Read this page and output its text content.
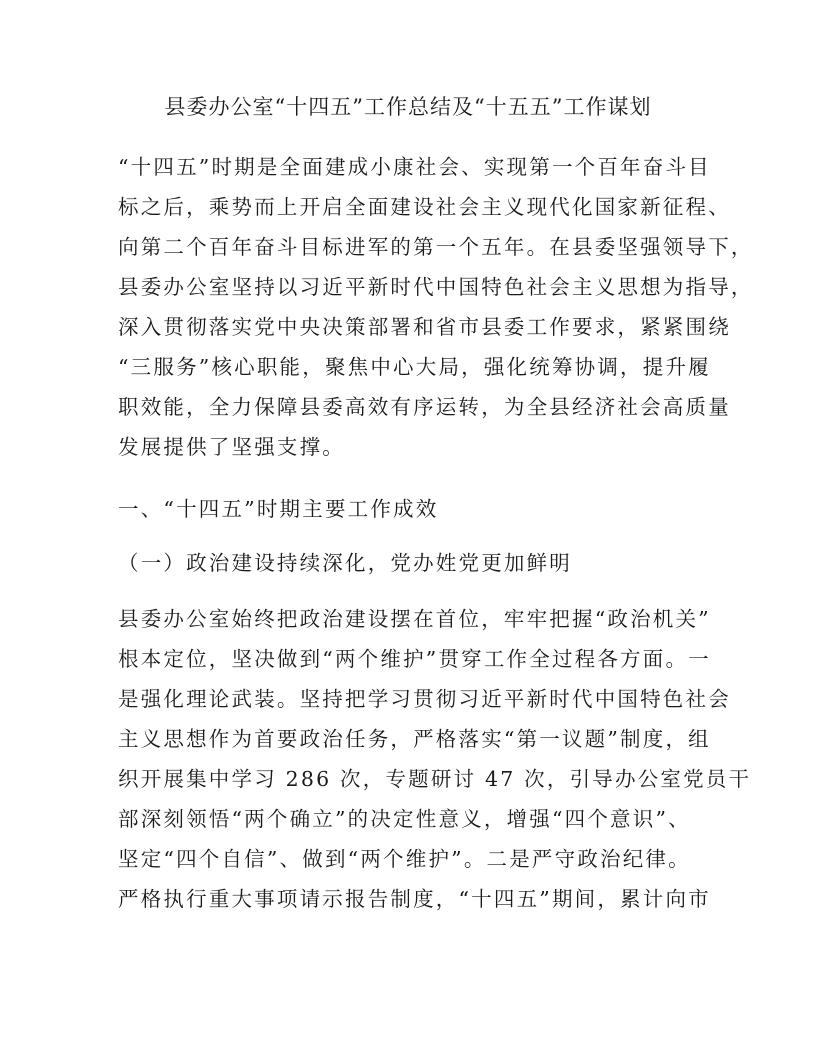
县委办公室“十四五”工作总结及“十五五”工作谋划
“十四五”时期是全面建成小康社会、实现第一个百年奋斗目
标之后，乘势而上开启全面建设社会主义现代化国家新征程、
向第二个百年奋斗目标进军的第一个五年。在县委坚强领导下，
县委办公室坚持以习近平新时代中国特色社会主义思想为指导，
深入贯彻落实党中央决策部署和省市县委工作要求，紧紧围绕
“三服务”核心职能，聚焦中心大局，强化统筹协调，提升履
职效能，全力保障县委高效有序运转，为全县经济社会高质量
发展提供了坚强支撑。
一、“十四五”时期主要工作成效
（一）政治建设持续深化，党办姓党更加鲜明
县委办公室始终把政治建设摆在首位，牢牢把握“政治机关”
根本定位，坚决做到“两个维护”贯穿工作全过程各方面。一
是强化理论武装。坚持把学习贯彻习近平新时代中国特色社会
主义思想作为首要政治任务，严格落实“第一议题”制度，组
织开展集中学习 286 次，专题研讨 47 次，引导办公室党员干
部深刻领悟“两个确立”的决定性意义，增强“四个意识”、
坚定“四个自信”、做到“两个维护”。二是严守政治纪律。
严格执行重大事项请示报告制度，“十四五”期间，累计向市
